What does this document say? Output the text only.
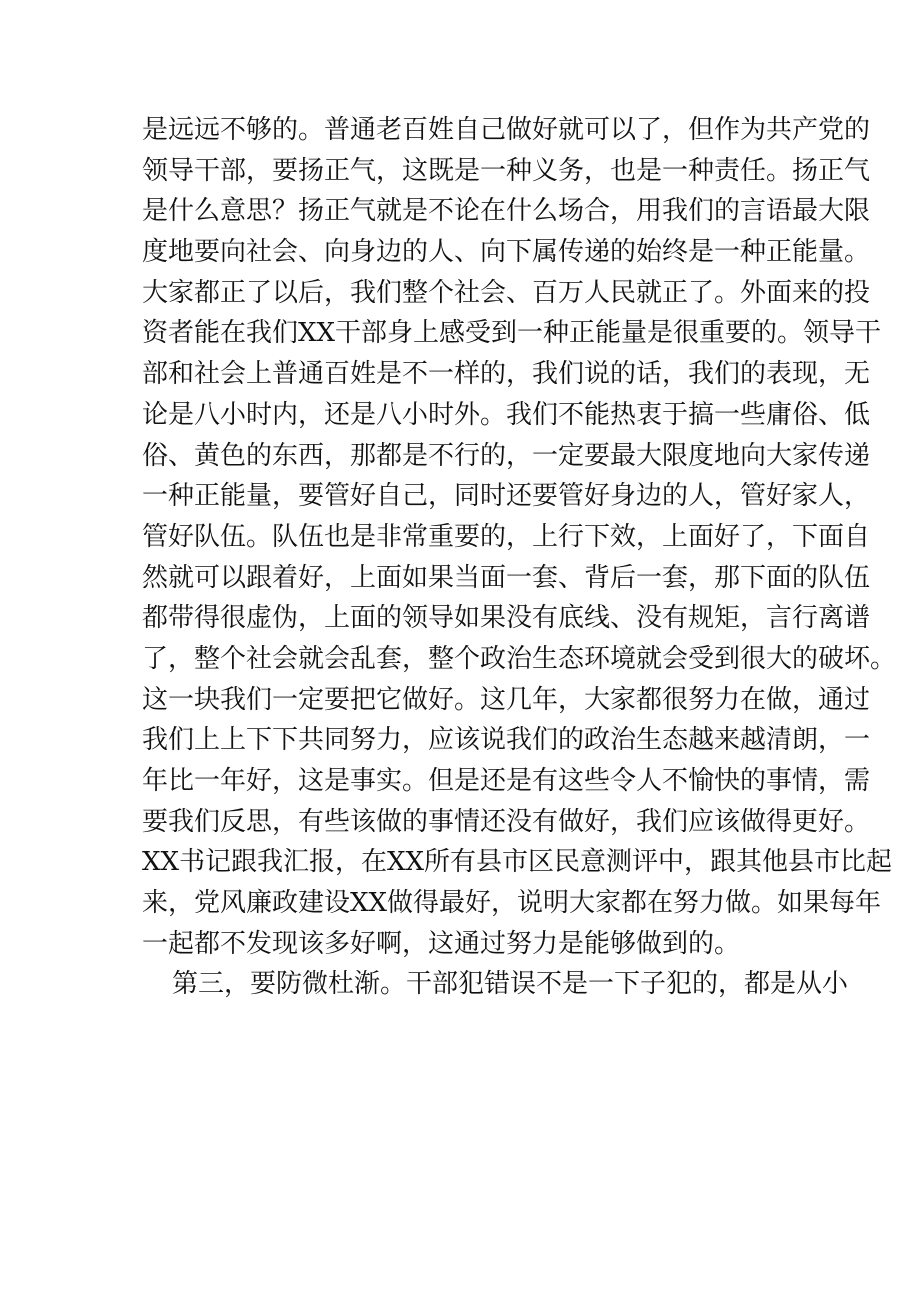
是远远不够的。普通老百姓自己做好就可以了，但作为共产党的
领导干部，要扬正气，这既是一种义务，也是一种责任。扬正气
是什么意思？扬正气就是不论在什么场合，用我们的言语最大限
度地要向社会、向身边的人、向下属传递的始终是一种正能量。
大家都正了以后，我们整个社会、百万人民就正了。外面来的投
资者能在我们XX干部身上感受到一种正能量是很重要的。领导干
部和社会上普通百姓是不一样的，我们说的话，我们的表现，无
论是八小时内，还是八小时外。我们不能热衷于搞一些庸俗、低
俗、黄色的东西，那都是不行的，一定要最大限度地向大家传递
一种正能量，要管好自己，同时还要管好身边的人，管好家人，
管好队伍。队伍也是非常重要的，上行下效，上面好了，下面自
然就可以跟着好，上面如果当面一套、背后一套，那下面的队伍
都带得很虚伪，上面的领导如果没有底线、没有规矩，言行离谱
了，整个社会就会乱套，整个政治生态环境就会受到很大的破坏。
这一块我们一定要把它做好。这几年，大家都很努力在做，通过
我们上上下下共同努力，应该说我们的政治生态越来越清朗，一
年比一年好，这是事实。但是还是有这些令人不愉快的事情，需
要我们反思，有些该做的事情还没有做好，我们应该做得更好。
XX书记跟我汇报，在XX所有县市区民意测评中，跟其他县市比起
来，党风廉政建设XX做得最好，说明大家都在努力做。如果每年
一起都不发现该多好啊，这通过努力是能够做到的。
第三，要防微杜渐。干部犯错误不是一下子犯的，都是从小
